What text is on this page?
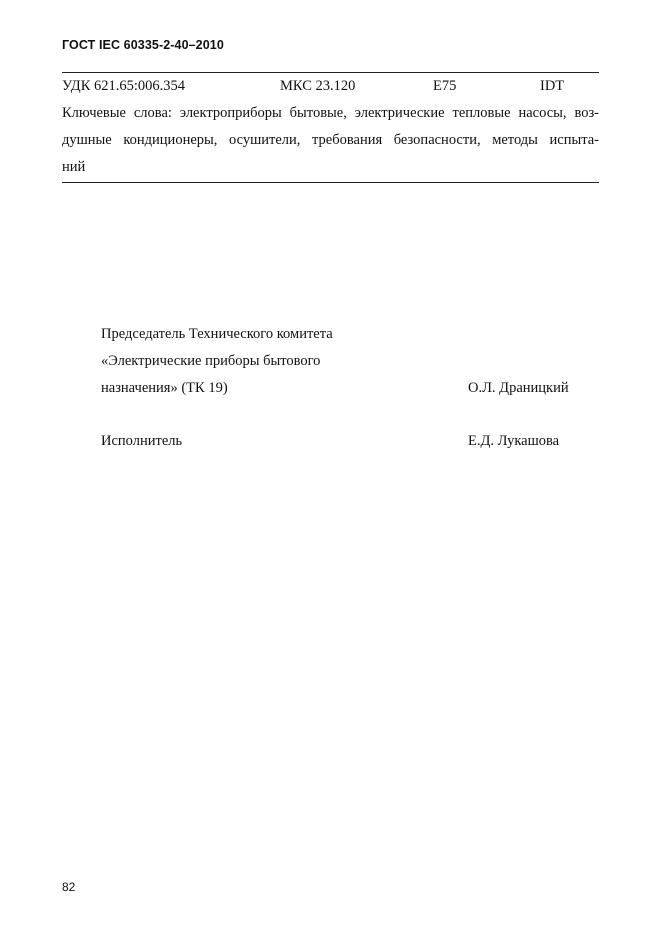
ГОСТ IEC 60335-2-40–2010
УДК 621.65:006.354	МКС 23.120	Е75	IDT
Ключевые слова: электроприборы бытовые, электрические тепловые насосы, воз-
душные кондиционеры, осушители, требования безопасности, методы испыта-
ний
Председатель Технического комитета
«Электрические приборы бытового
назначения» (ТК 19)	О.Л. Драницкий
Исполнитель	Е.Д. Лукашова
82
